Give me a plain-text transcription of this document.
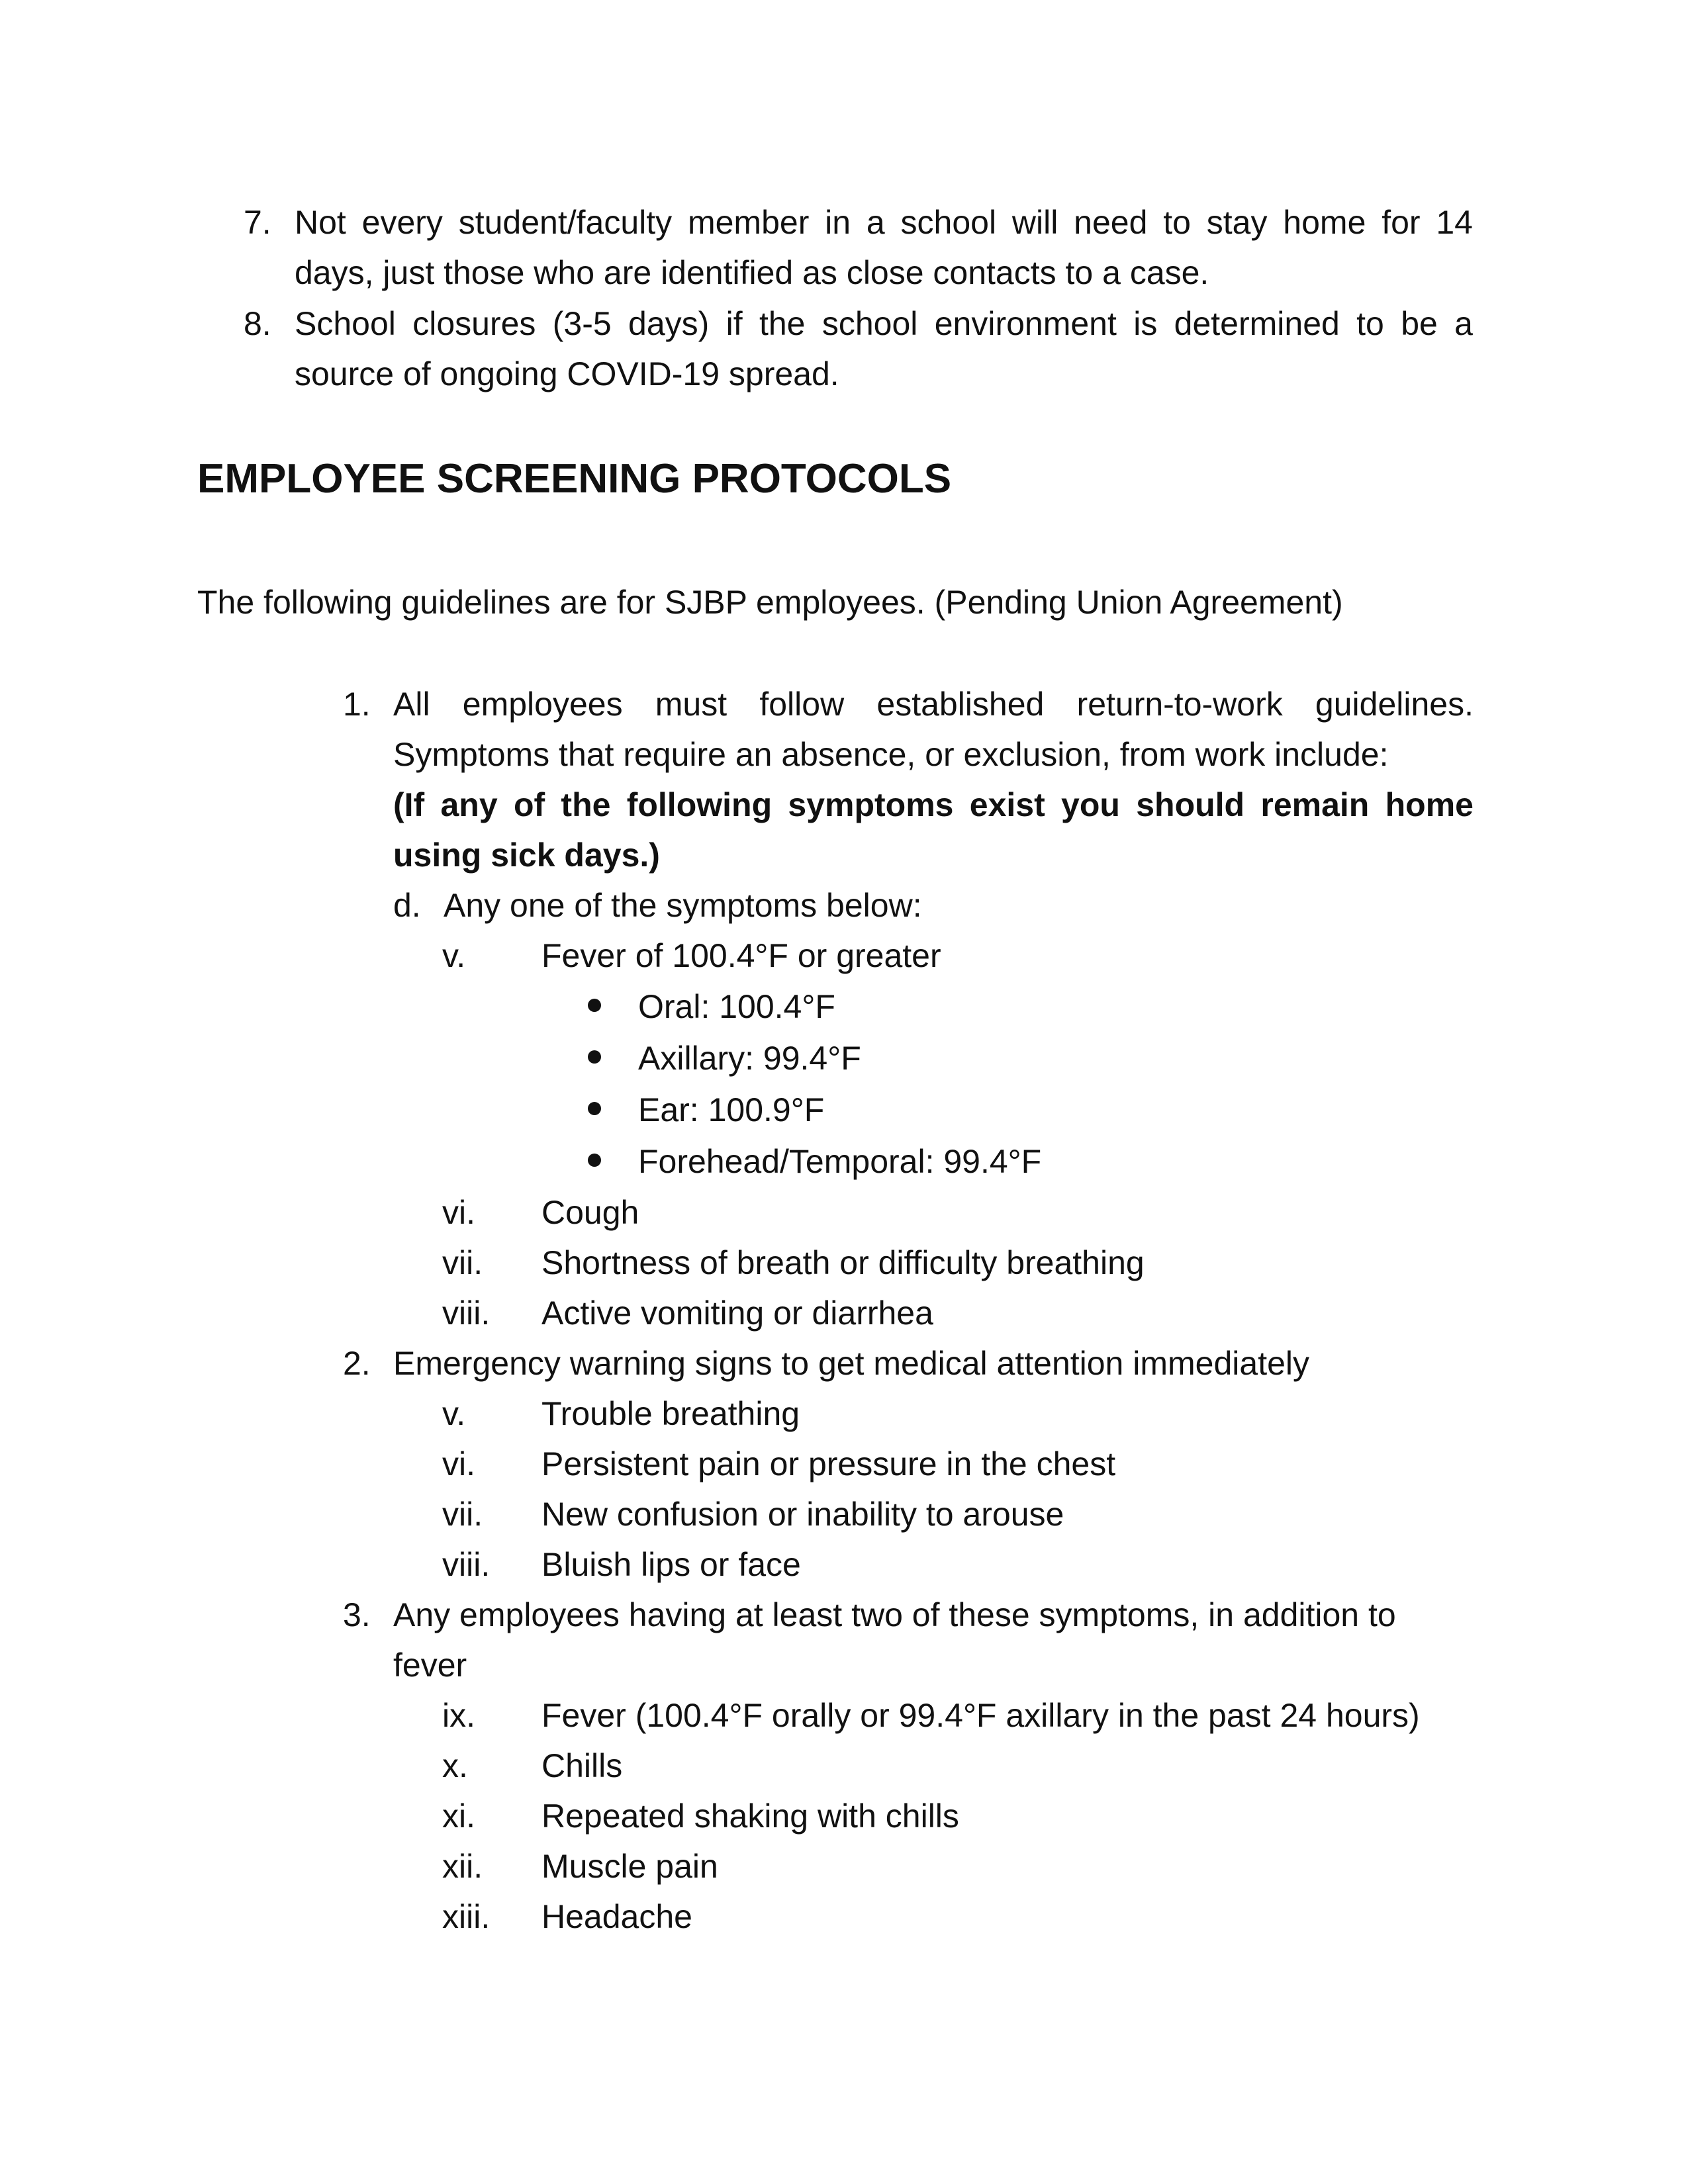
7. Not every student/faculty member in a school will need to stay home for 14
days, just those who are identified as close contacts to a case.
8. School closures (3-5 days) if the school environment is determined to be a
source of ongoing COVID-19 spread.
EMPLOYEE SCREENING PROTOCOLS
The following guidelines are for SJBP employees. (Pending Union Agreement)
1. All employees must follow established return-to-work guidelines.
Symptoms that require an absence, or exclusion, from work include:
(If any of the following symptoms exist you should remain home
using sick days.)
d. Any one of the symptoms below:
v. Fever of 100.4°F or greater
Oral: 100.4°F
Axillary: 99.4°F
Ear: 100.9°F
Forehead/Temporal: 99.4°F
vi. Cough
vii. Shortness of breath or difficulty breathing
viii. Active vomiting or diarrhea
2. Emergency warning signs to get medical attention immediately
v. Trouble breathing
vi. Persistent pain or pressure in the chest
vii. New confusion or inability to arouse
viii. Bluish lips or face
3. Any employees having at least two of these symptoms, in addition to
fever
ix. Fever (100.4°F orally or 99.4°F axillary in the past 24 hours)
x. Chills
xi. Repeated shaking with chills
xii. Muscle pain
xiii. Headache
